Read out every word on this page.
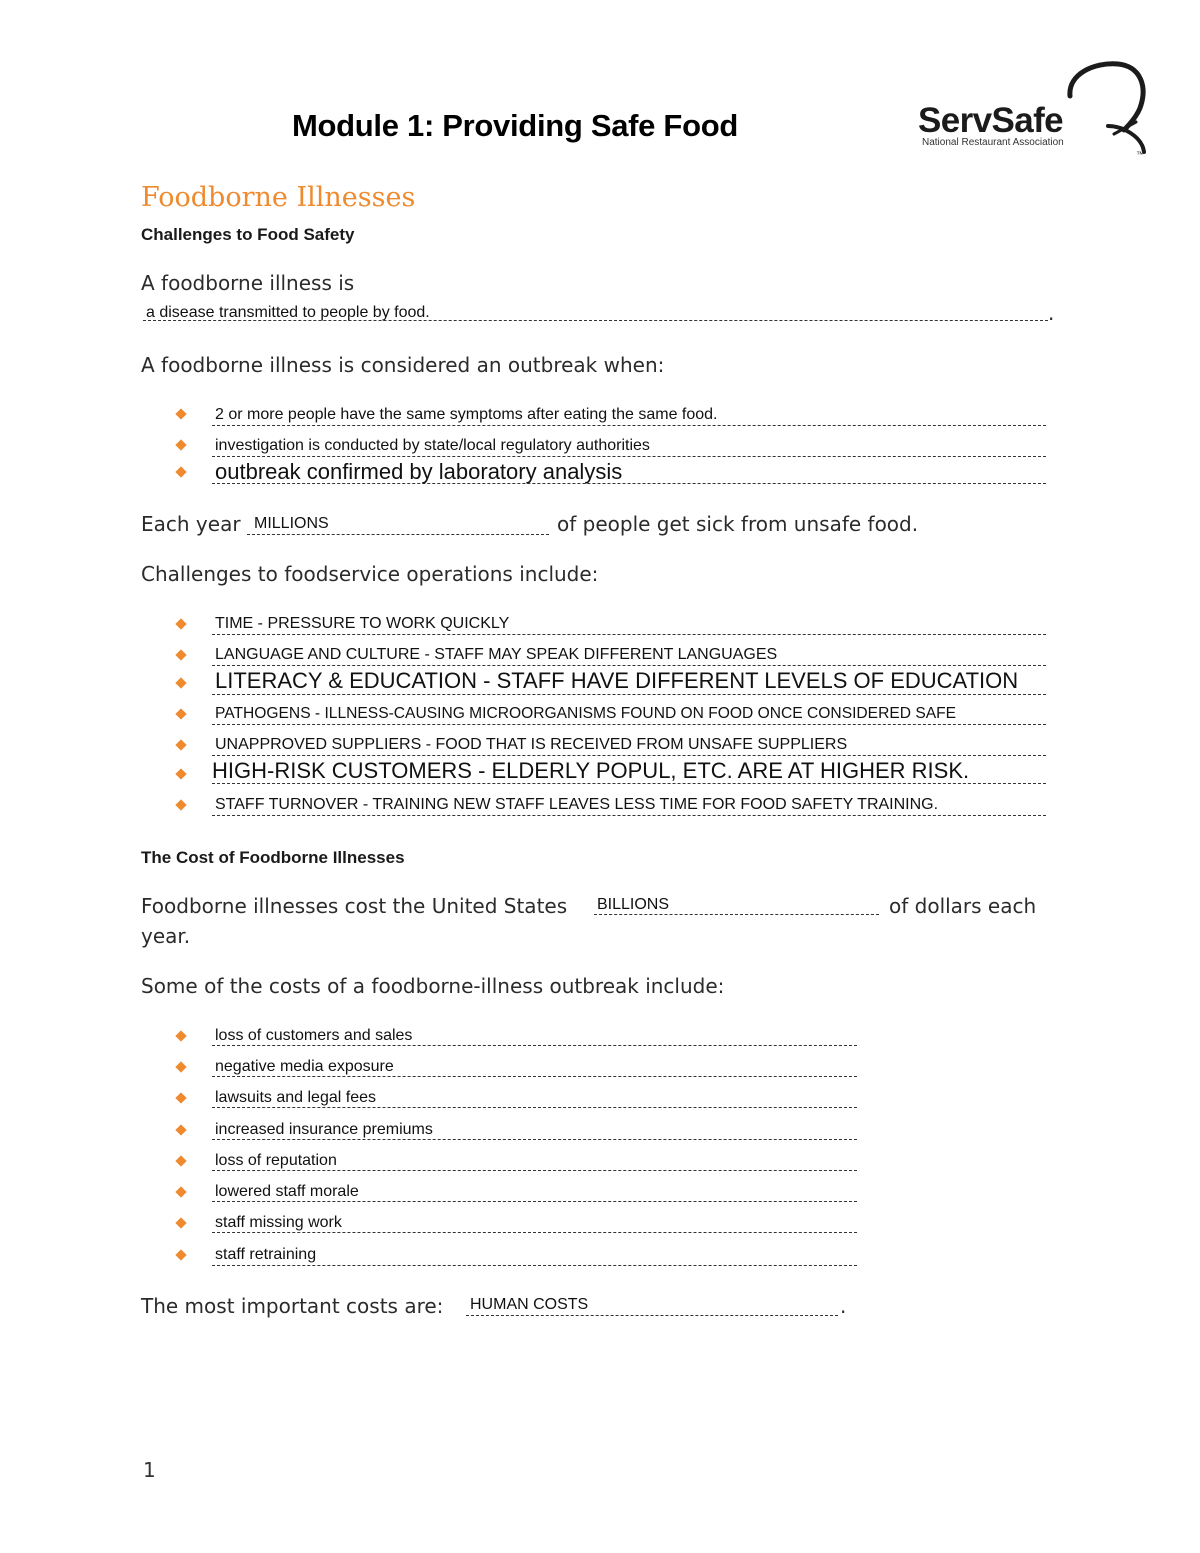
Module 1: Providing Safe Food	ServSafe
National Restaurant Association
™
Foodborne Illnesses
Challenges to Food Safety
A foodborne illness is
a disease transmitted to people by food.	.
A foodborne illness is considered an outbreak when:
2 or more people have the same symptoms after eating the same food.
investigation is conducted by state/local regulatory authorities
outbreak confirmed by laboratory analysis
Each year MILLIONS	of people get sick from unsafe food.
Challenges to foodservice operations include:
TIME - PRESSURE TO WORK QUICKLY
LANGUAGE AND CULTURE - STAFF MAY SPEAK DIFFERENT LANGUAGES
LITERACY & EDUCATION - STAFF HAVE DIFFERENT LEVELS OF EDUCATION
PATHOGENS - ILLNESS-CAUSING MICROORGANISMS FOUND ON FOOD ONCE CONSIDERED SAFE
UNAPPROVED SUPPLIERS - FOOD THAT IS RECEIVED FROM UNSAFE SUPPLIERS
HIGH-RISK CUSTOMERS - ELDERLY POPUL, ETC. ARE AT HIGHER RISK.
STAFF TURNOVER - TRAINING NEW STAFF LEAVES LESS TIME FOR FOOD SAFETY TRAINING.
The Cost of Foodborne Illnesses
Foodborne illnesses cost the United States BILLIONS	of dollars each
year.
Some of the costs of a foodborne-illness outbreak include:
loss of customers and sales
negative media exposure
lawsuits and legal fees
increased insurance premiums
loss of reputation
lowered staff morale
staff missing work
staff retraining
The most important costs are: HUMAN COSTS	.
1
